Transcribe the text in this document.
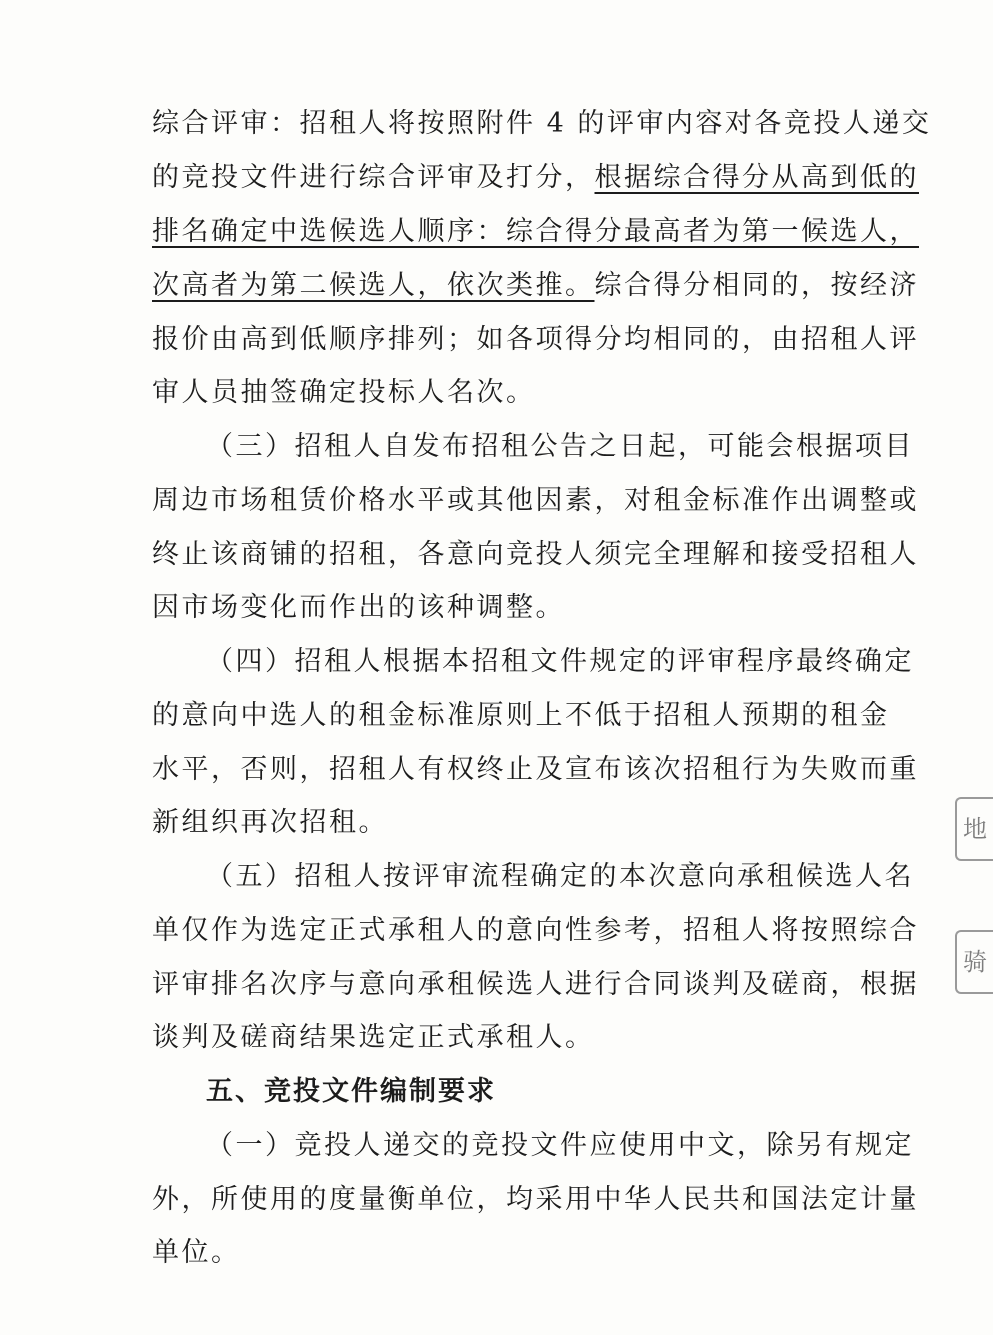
综合评审：招租人将按照附件 4 的评审内容对各竞投人递交
的竞投文件进行综合评审及打分，根据综合得分从高到低的
排名确定中选候选人顺序：综合得分最高者为第一候选人，
次高者为第二候选人，依次类推。综合得分相同的，按经济
报价由高到低顺序排列；如各项得分均相同的，由招租人评
审人员抽签确定投标人名次。
（三）招租人自发布招租公告之日起，可能会根据项目
周边市场租赁价格水平或其他因素，对租金标准作出调整或
终止该商铺的招租，各意向竞投人须完全理解和接受招租人
因市场变化而作出的该种调整。
（四）招租人根据本招租文件规定的评审程序最终确定
的意向中选人的租金标准原则上不低于招租人预期的租金
水平，否则，招租人有权终止及宣布该次招租行为失败而重
新组织再次招租。
（五）招租人按评审流程确定的本次意向承租候选人名
单仅作为选定正式承租人的意向性参考，招租人将按照综合
评审排名次序与意向承租候选人进行合同谈判及磋商，根据
谈判及磋商结果选定正式承租人。
五、竞投文件编制要求
（一）竞投人递交的竞投文件应使用中文，除另有规定
外，所使用的度量衡单位，均采用中华人民共和国法定计量
单位。
地
骑
